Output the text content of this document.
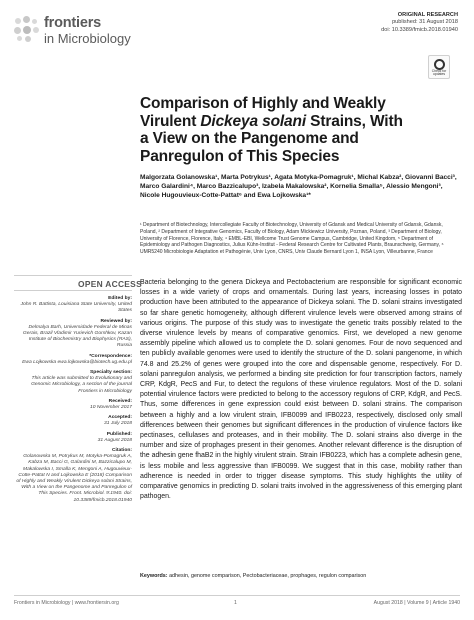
frontiers
in Microbiology
ORIGINAL RESEARCH
published: 31 August 2018
doi: 10.3389/fmicb.2018.01940
Check for updates
Comparison of Highly and Weakly
Virulent Dickeya solani Strains, With
a View on the Pangenome and
Panregulon of This Species
Malgorzata Golanowska¹, Marta Potrykus¹, Agata Motyka-Pomagruk¹, Michal Kabza², Giovanni Bacci³, Marco Galardini⁴, Marco Bazzicalupo³, Izabela Makalowska², Kornelia Smalla⁵, Alessio Mengoni³, Nicole Hugouvieux-Cotte-Pattat⁶ and Ewa Lojkowska¹*
¹ Department of Biotechnology, Intercollegiate Faculty of Biotechnology, University of Gdansk and Medical University of Gdansk, Gdansk, Poland, ² Department of Integrative Genomics, Faculty of Biology, Adam Mickiewicz University, Poznan, Poland, ³ Department of Biology, University of Florence, Florence, Italy, ⁴ EMBL-EBI, Wellcome Trust Genome Campus, Cambridge, United Kingdom, ⁵ Department of Epidemiology and Pathogen Diagnostics, Julius Kühn-Institut - Federal Research Centre for Cultivated Plants, Braunschweig, Germany, ⁶ UMR5240 Microbiologie Adaptation et Pathogénie, Univ Lyon, CNRS, Univ Claude Bernard Lyon 1, INSA Lyon, Villeurbanne, France
OPEN ACCESS
Edited by:
John R. Battista, Louisiana State University, United States
Reviewed by:
Delmalya Barh, Universidade Federal de Minas Gerais, Brazil Vladimir Yurievich Gorshkov, Kazan Institute of Biochemistry and Biophysics (RAS), Russia
*Correspondence:
Ewa Lojkowska ewa.lojkowska@biotech.ug.edu.pl
Specialty section:
This article was submitted to Evolutionary and Genomic Microbiology, a section of the journal Frontiers in Microbiology
Received:
10 November 2017
Accepted:
31 July 2018
Published:
31 August 2018
Citation:
Golanowska M, Potrykus M, Motyka-Pomagruk A, Kabza M, Bacci G, Galardini M, Bazzicalupo M, Makalowska I, Smalla K, Mengoni A, Hugouvieux-Cotte-Pattat N and Lojkowska E (2018) Comparison of Highly and Weakly Virulent Dickeya solani Strains, With a View on the Pangenome and Panregulon of This Species. Front. Microbiol. 9:1940. doi: 10.3389/fmicb.2018.01940
Bacteria belonging to the genera Dickeya and Pectobacterium are responsible for significant economic losses in a wide variety of crops and ornamentals. During last years, increasing losses in potato production have been attributed to the appearance of Dickeya solani. The D. solani strains investigated so far share genetic homogeneity, although different virulence levels were observed among strains of various origins. The purpose of this study was to investigate the genetic traits possibly related to the diverse virulence levels by means of comparative genomics. First, we developed a new genome assembly pipeline which allowed us to complete the D. solani genomes. Four de novo sequenced and ten publicly available genomes were used to identify the structure of the D. solani pangenome, in which 74.8 and 25.2% of genes were grouped into the core and dispensable genome, respectively. For D. solani panregulon analysis, we performed a binding site prediction for four transcription factors, namely CRP, KdgR, PecS and Fur, to detect the regulons of these virulence regulators. Most of the D. solani potential virulence factors were predicted to belong to the accessory regulons of CRP, KdgR, and PecS. Thus, some differences in gene expression could exist between D. solani strains. The comparison between a highly and a low virulent strain, IFB0099 and IFB0223, respectively, disclosed only small differences between their genomes but significant differences in the production of virulence factors like pectinases, cellulases and proteases, and in their mobility. The D. solani strains also diverge in the number and size of prophages present in their genomes. Another relevant difference is the disruption of the adhesin gene fhaB2 in the highly virulent strain. Strain IFB0223, which has a complete adhesin gene, is less mobile and less aggressive than IFB0099. We suggest that in this case, mobility rather than adherence is needed in order to trigger disease symptoms. This study highlights the utility of comparative genomics in predicting D. solani traits involved in the aggressiveness of this emerging plant pathogen.
Keywords: adhesin, genome comparison, Pectobacteriaceae, prophages, regulon comparison
Frontiers in Microbiology | www.frontiersin.org	1	August 2018 | Volume 9 | Article 1940
